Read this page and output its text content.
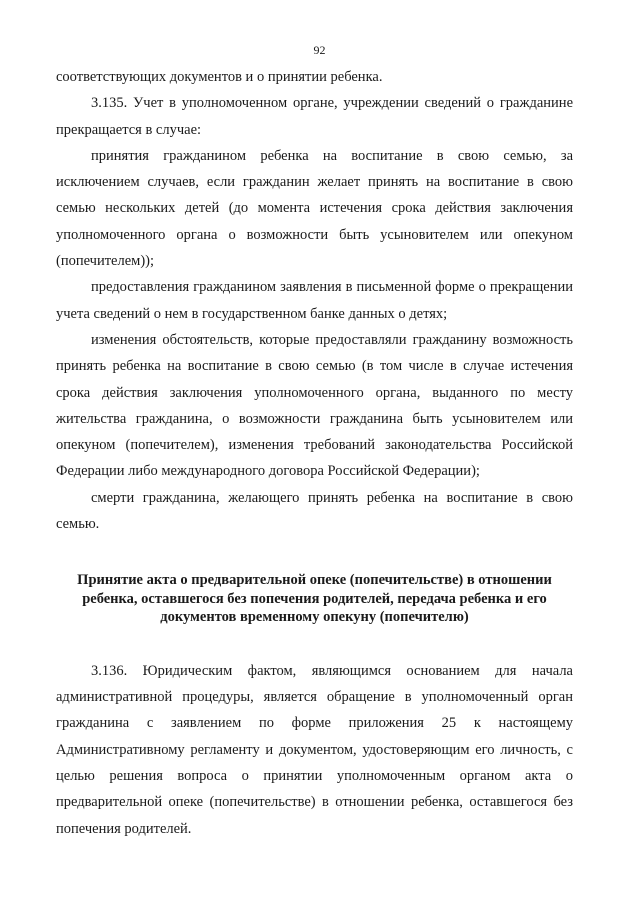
92

соответствующих документов и о принятии ребенка.

3.135. Учет в уполномоченном органе, учреждении сведений о гражданине прекращается в случае:

принятия гражданином ребенка на воспитание в свою семью, за исключением случаев, если гражданин желает принять на воспитание в свою семью нескольких детей (до момента истечения срока действия заключения уполномоченного органа о возможности быть усыновителем или опекуном (попечителем));

предоставления гражданином заявления в письменной форме о прекращении учета сведений о нем в государственном банке данных о детях;

изменения обстоятельств, которые предоставляли гражданину возможность принять ребенка на воспитание в свою семью (в том числе в случае истечения срока действия заключения уполномоченного органа, выданного по месту жительства гражданина, о возможности гражданина быть усыновителем или опекуном (попечителем), изменения требований законодательства Российской Федерации либо международного договора Российской Федерации);

смерти гражданина, желающего принять ребенка на воспитание в свою семью.

Принятие акта о предварительной опеке (попечительстве) в отношении ребенка, оставшегося без попечения родителей, передача ребенка и его документов временному опекуну (попечителю)

3.136. Юридическим фактом, являющимся основанием для начала административной процедуры, является обращение в уполномоченный орган гражданина с заявлением по форме приложения 25 к настоящему Административному регламенту и документом, удостоверяющим его личность, с целью решения вопроса о принятии уполномоченным органом акта о предварительной опеке (попечительстве) в отношении ребенка, оставшегося без попечения родителей.
